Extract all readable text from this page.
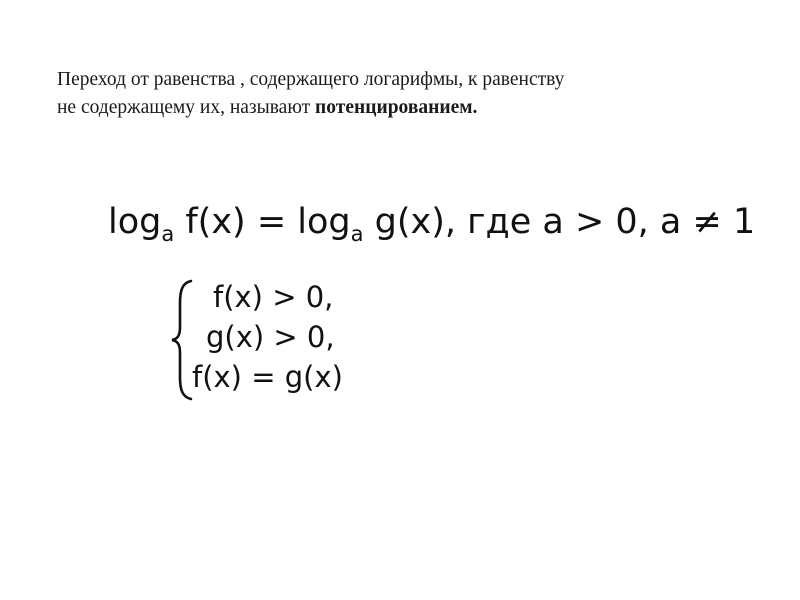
Переход от равенства , содержащего логарифмы, к равенству
не содержащему их, называют потенцированием.
$\log_a f(x) = \log_a g(x)$, где a > 0, a ≠ 1
f(x) > 0,
g(x) > 0,
f(x) = g(x)
